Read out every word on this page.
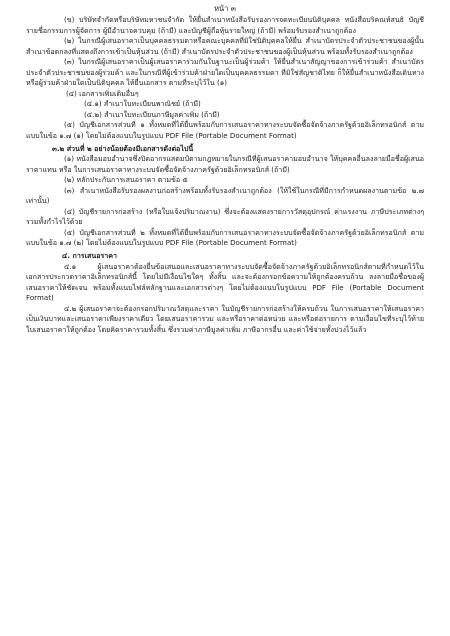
หน้า ๓

(ข) บริษัทจำกัดหรือบริษัทมหาชนจำกัด ให้ยื่นสำเนาหนังสือรับรองการจดทะเบียนนิติบุคคล หนังสือบริคณห์สนธิ บัญชีรายชื่อกรรมการผู้จัดการ ผู้มีอำนาจควบคุม (ถ้ามี) และบัญชีผู้ถือหุ้นรายใหญ่ (ถ้ามี) พร้อมรับรองสำเนาถูกต้อง

(๒) ในกรณีผู้เสนอราคาเป็นบุคคลธรรมดาหรือคณะบุคคลที่มิใช่นิติบุคคลให้ยื่น สำเนาบัตรประจำตัวประชาชนของผู้นั้น สำเนาข้อตกลงที่แสดงถึงการเข้าเป็นหุ้นส่วน (ถ้ามี) สำเนาบัตรประจำตัวประชาชนของผู้เป็นหุ้นส่วน พร้อมทั้งรับรองสำเนาถูกต้อง

(๓) ในกรณีผู้เสนอราคาเป็นผู้เสนอราคาร่วมกันในฐานะเป็นผู้ร่วมค้า ให้ยื่นสำเนาสัญญาของการเข้าร่วมค้า สำเนาบัตรประจำตัวประชาชนของผู้ร่วมค้า และในกรณีที่ผู้เข้าร่วมค้าฝ่ายใดเป็นบุคคลธรรมดา ที่มิใช่สัญชาติไทย ก็ให้ยื่นสำเนาหนังสือเดินทาง หรือผู้ร่วมค้าฝ่ายใดเป็นนิติบุคคล ให้ยื่นเอกสาร ตามที่ระบุไว้ใน (๑)

(๔) เอกสารเพิ่มเติมอื่นๆ

(๔.๑) สำเนาใบทะเบียนพาณิชย์ (ถ้ามี)

(๔.๒) สำเนาใบทะเบียนภาษีมูลค่าเพิ่ม (ถ้ามี)

(๕) บัญชีเอกสารส่วนที่ ๑ ทั้งหมดที่ได้ยื่นพร้อมกับการเสนอราคาทางระบบจัดซื้อจัดจ้างภาครัฐด้วยอิเล็กทรอนิกส์ ตามแบบในข้อ ๑.๗ (๑) โดยไม่ต้องแนบในรูปแบบ PDF File (Portable Document Format)

๓.๒ ส่วนที่ ๒ อย่างน้อยต้องมีเอกสารดังต่อไปนี้

(๑) หนังสือมอบอำนาจซึ่งปิดอากรแสตมป์ตามกฎหมายในกรณีที่ผู้เสนอราคามอบอำนาจ ให้บุคคลอื่นลงลายมือชื่อผู้เสนอราคาแทน หรือ ในการเสนอราคาทางระบบจัดซื้อจัดจ้างภาครัฐด้วยอิเล็กทรอนิกส์ (ถ้ามี)

(๒) หลักประกันการเสนอราคา ตามข้อ ๕

(๓) สำเนาหนังสือรับรองผลงานก่อสร้างพร้อมทั้งรับรองสำเนาถูกต้อง (ให้ใช้ในกรณีที่มีการกำหนดผลงานตามข้อ ๒.๗ เท่านั้น)

(๔) บัญชีรายการก่อสร้าง (หรือใบแจ้งปริมาณงาน) ซึ่งจะต้องแสดงรายการวัสดุอุปกรณ์ ค่าแรงงาน ภาษีประเภทต่างๆ รวมทั้งกำไรไว้ด้วย

(๕) บัญชีเอกสารส่วนที่ ๒ ทั้งหมดที่ได้ยื่นพร้อมกับการเสนอราคาทางระบบจัดซื้อจัดจ้างภาครัฐด้วยอิเล็กทรอนิกส์ ตามแบบในข้อ ๑.๗ (๒) โดยไม่ต้องแนบในรูปแบบ PDF File (Portable Document Format)

๔. การเสนอราคา

๔.๑ ผู้เสนอราคาต้องยื่นข้อเสนอและเสนอราคาทางระบบจัดซื้อจัดจ้างภาครัฐด้วยอิเล็กทรอนิกส์ตามที่กำหนดไว้ในเอกสารประกวดราคาอิเล็กทรอนิกส์นี้ โดยไม่มีเงื่อนไขใดๆ ทั้งสิ้น และจะต้องกรอกข้อความให้ถูกต้องครบถ้วน ลงลายมือชื่อของผู้เสนอราคาให้ชัดเจน พร้อมทั้งแนบไฟล์หลักฐานและเอกสารต่างๆ โดยไม่ต้องแนบในรูปแบบ PDF File (Portable Document Format)

๔.๒ ผู้เสนอราคาจะต้องกรอกปริมาณวัสดุและราคา ในบัญชีรายการก่อสร้างให้ครบถ้วน ในการเสนอราคาให้เสนอราคาเป็นเงินบาทและเสนอราคาเพียงราคาเดียว โดยเสนอราคารวม และหรือราคาต่อหน่วย และหรือต่อรายการ ตามเงื่อนไขที่ระบุไว้ท้ายใบเสนอราคาให้ถูกต้อง โดยคิดราคารวมทั้งสิ้น ซึ่งรวมค่าภาษีมูลค่าเพิ่ม ภาษีอากรอื่น และค่าใช้จ่ายทั้งปวงไว้แล้ว
